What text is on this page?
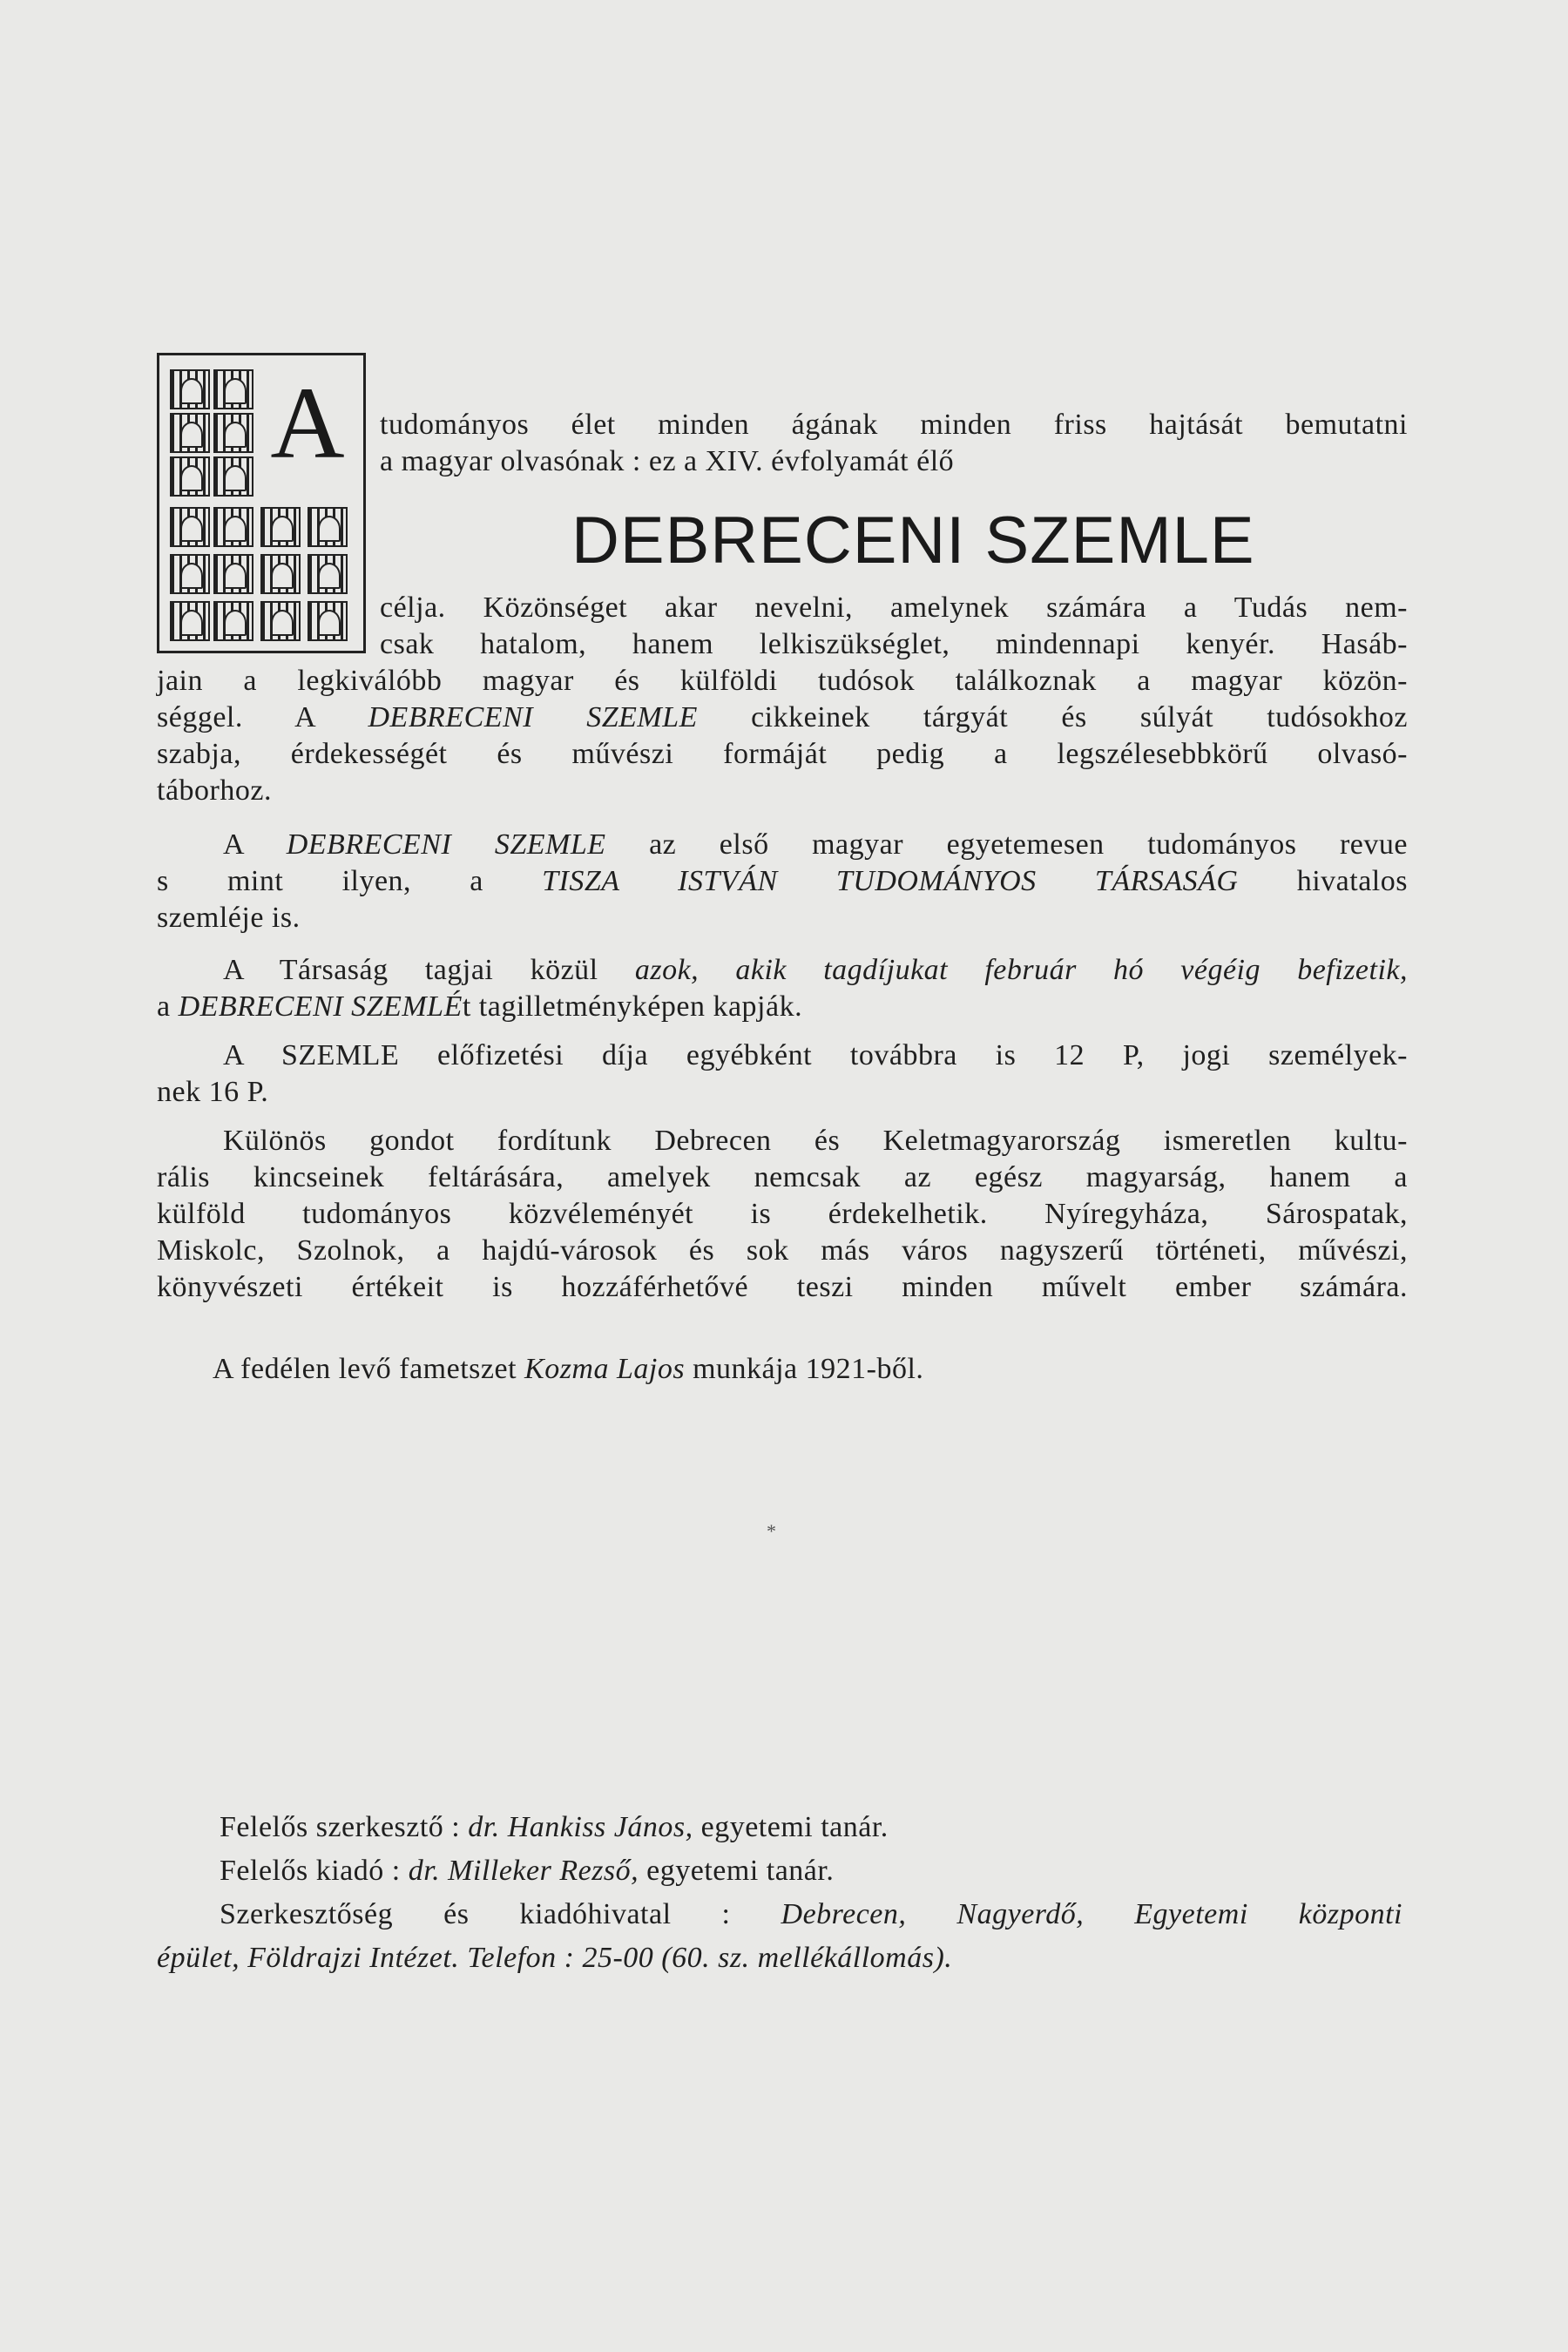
A	tudományos élet minden ágának minden friss hajtását bemutatni
a magyar olvasónak : ez a XIV. évfolyamát élő
DEBRECENI SZEMLE
célja. Közönséget akar nevelni, amelynek számára a Tudás nem-
csak hatalom, hanem lelkiszükséglet, mindennapi kenyér. Hasáb-
jain a legkiválóbb magyar és külföldi tudósok találkoznak a magyar közön-
séggel. A DEBRECENI SZEMLE cikkeinek tárgyát és súlyát tudósokhoz
szabja, érdekességét és művészi formáját pedig a legszélesebbkörű olvasó-
táborhoz.
A DEBRECENI SZEMLE az első magyar egyetemesen tudományos revue
s mint ilyen, a TISZA ISTVÁN TUDOMÁNYOS TÁRSASÁG hivatalos
szemléje is.
A Társaság tagjai közül azok, akik tagdíjukat február hó végéig befizetik,
a DEBRECENI SZEMLÉt tagilletményképen kapják.
A SZEMLE előfizetési díja egyébként továbbra is 12 P, jogi személyek-
nek 16 P.
Különös gondot fordítunk Debrecen és Keletmagyarország ismeretlen kultu-
rális kincseinek feltárására, amelyek nemcsak az egész magyarság, hanem a
külföld tudományos közvéleményét is érdekelhetik. Nyíregyháza, Sárospatak,
Miskolc, Szolnok, a hajdú-városok és sok más város nagyszerű történeti, művészi,
könyvészeti értékeit is hozzáférhetővé teszi minden művelt ember számára.
A fedélen levő fametszet Kozma Lajos munkája 1921-ből.
*
Felelős szerkesztő : dr. Hankiss János, egyetemi tanár.
Felelős kiadó : dr. Milleker Rezső, egyetemi tanár.
Szerkesztőség és kiadóhivatal : Debrecen, Nagyerdő, Egyetemi központi
épület, Földrajzi Intézet. Telefon : 25-00 (60. sz. mellékállomás).
